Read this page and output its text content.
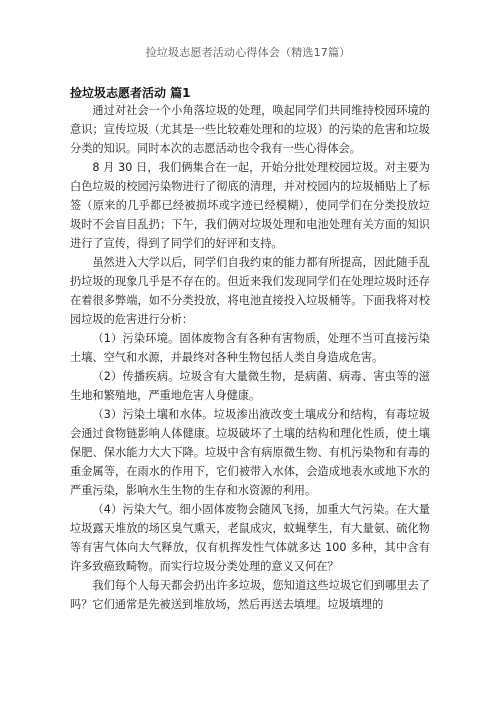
捡垃圾志愿者活动心得体会（精选17篇）
捡垃圾志愿者活动 篇1

通过对社会一个小角落垃圾的处理，唤起同学们共同维持校园环境的意识；宣传垃圾（尤其是一些比较难处理和的垃圾）的污染的危害和垃圾分类的知识。同时本次的志愿活动也令我有一些心得体会。

8 月 30 日，我们俩集合在一起，开始分批处理校园垃圾。对主要为白色垃圾的校园污染物进行了彻底的清理，并对校园内的垃圾桶贴上了标签（原来的几乎都已经被损坏或字迹已经模糊），使同学们在分类投放垃圾时不会盲目乱扔；下午，我们俩对垃圾处理和电池处理有关方面的知识进行了宣传，得到了同学们的好评和支持。

虽然进入大学以后，同学们自我约束的能力都有所提高，因此随手乱扔垃圾的现象几乎是不存在的。但近来我们发现同学们在处理垃圾时还存在着很多弊端，如不分类投放，将电池直接投入垃圾桶等。下面我将对校园垃圾的危害进行分析：

（1）污染环境。固体废物含有各种有害物质，处理不当可直接污染土壤、空气和水源，并最终对各种生物包括人类自身造成危害。

（2）传播疾病。垃圾含有大量微生物，是病菌、病毒、害虫等的滋生地和繁殖地，严重地危害人身健康。

（3）污染土壤和水体。垃圾渗出液改变土壤成分和结构，有毒垃圾会通过食物链影响人体健康。垃圾破坏了土壤的结构和理化性质，使土壤保肥、保水能力大大下降。垃圾中含有病原微生物、有机污染物和有毒的重金属等，在雨水的作用下，它们被带入水体，会造成地表水或地下水的严重污染，影响水生生物的生存和水资源的利用。

（4）污染大气。细小固体废物会随风飞扬，加重大气污染。在大量垃圾露天堆放的场区臭气熏天，老鼠成灾，蚊蝇孳生，有大量氨、硫化物等有害气体向大气释放，仅有机挥发性气体就多达 100 多种，其中含有许多致癌致畸物。而实行垃圾分类处理的意义又何在？

我们每个人每天都会扔出许多垃圾，您知道这些垃圾它们到哪里去了吗？它们通常是先被送到堆放场，然后再送去填埋。垃圾填埋的
